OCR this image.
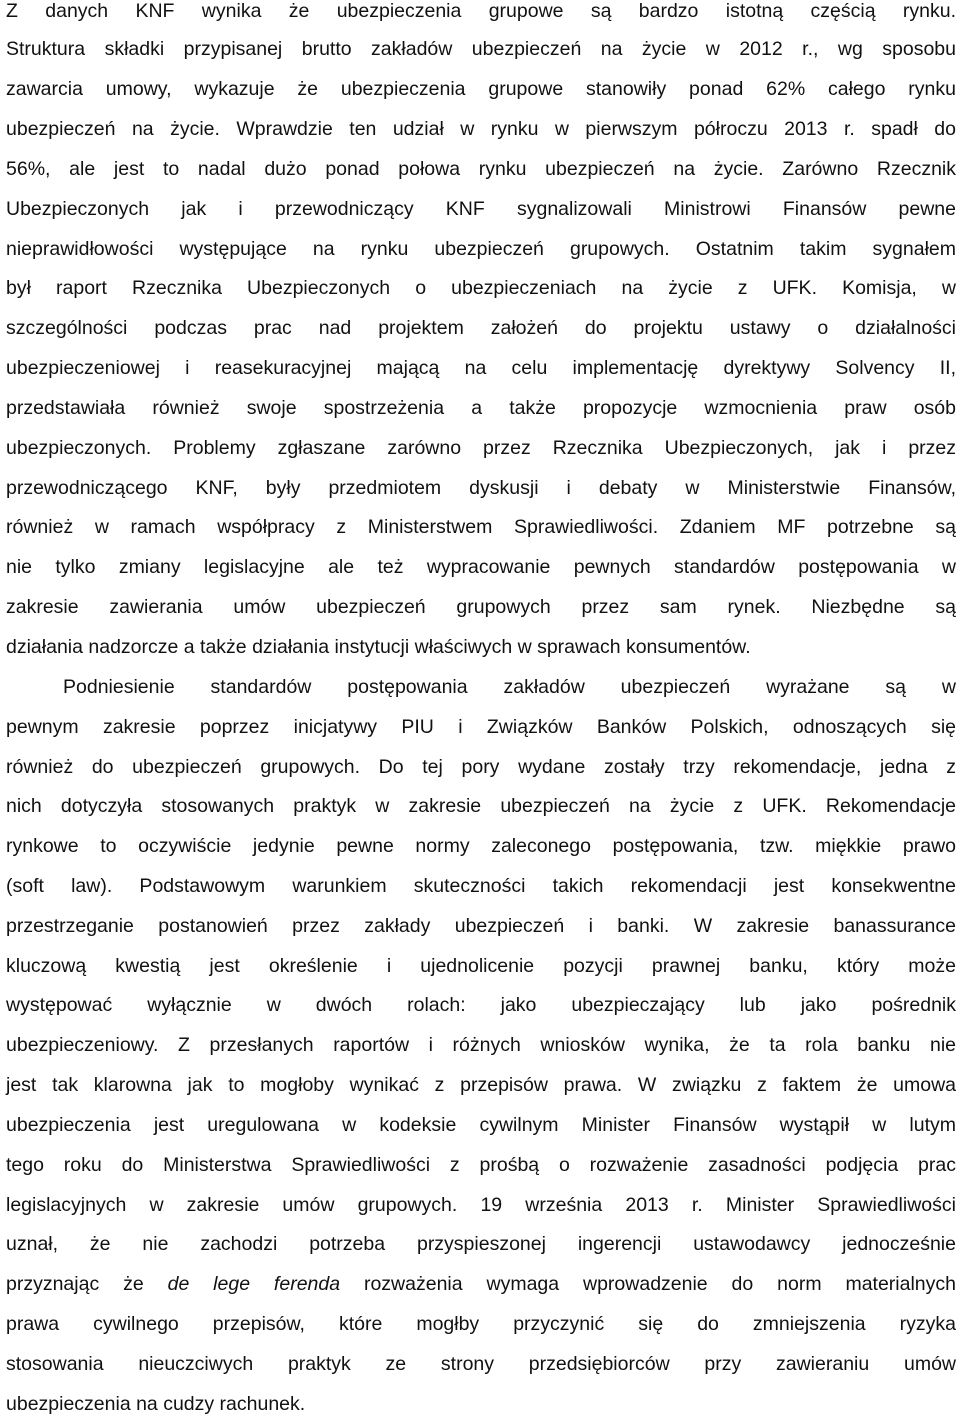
Z danych KNF wynika że ubezpieczenia grupowe są bardzo istotną częścią rynku.
Struktura składki przypisanej brutto zakładów ubezpieczeń na życie w 2012 r., wg sposobu
zawarcia umowy, wykazuje że ubezpieczenia grupowe stanowiły ponad 62% całego rynku
ubezpieczeń na życie. Wprawdzie ten udział w rynku w pierwszym półroczu 2013 r. spadł do
56%, ale jest to nadal dużo ponad połowa rynku ubezpieczeń na życie. Zarówno Rzecznik
Ubezpieczonych jak i przewodniczący KNF sygnalizowali Ministrowi Finansów pewne
nieprawidłowości występujące na rynku ubezpieczeń grupowych. Ostatnim takim sygnałem
był raport Rzecznika Ubezpieczonych o ubezpieczeniach na życie z UFK. Komisja, w
szczególności podczas prac nad projektem założeń do projektu ustawy o działalności
ubezpieczeniowej i reasekuracyjnej mającą na celu implementację dyrektywy Solvency II,
przedstawiała również swoje spostrzeżenia a także propozycje wzmocnienia praw osób
ubezpieczonych. Problemy zgłaszane zarówno przez Rzecznika Ubezpieczonych, jak i przez
przewodniczącego KNF, były przedmiotem dyskusji i debaty w Ministerstwie Finansów,
również w ramach współpracy z Ministerstwem Sprawiedliwości. Zdaniem MF potrzebne są
nie tylko zmiany legislacyjne ale też wypracowanie pewnych standardów postępowania w
zakresie zawierania umów ubezpieczeń grupowych przez sam rynek. Niezbędne są
działania nadzorcze a także działania instytucji właściwych w sprawach konsumentów.
Podniesienie standardów postępowania zakładów ubezpieczeń wyrażane są w
pewnym zakresie poprzez inicjatywy PIU i Związków Banków Polskich, odnoszących się
również do ubezpieczeń grupowych. Do tej pory wydane zostały trzy rekomendacje, jedna z
nich dotyczyła stosowanych praktyk w zakresie ubezpieczeń na życie z UFK. Rekomendacje
rynkowe to oczywiście jedynie pewne normy zaleconego postępowania, tzw. miękkie prawo
(soft law). Podstawowym warunkiem skuteczności takich rekomendacji jest konsekwentne
przestrzeganie postanowień przez zakłady ubezpieczeń i banki. W zakresie banassurance
kluczową kwestią jest określenie i ujednolicenie pozycji prawnej banku, który może
występować wyłącznie w dwóch rolach: jako ubezpieczający lub jako pośrednik
ubezpieczeniowy. Z przesłanych raportów i różnych wniosków wynika, że ta rola banku nie
jest tak klarowna jak to mogłoby wynikać z przepisów prawa. W związku z faktem że umowa
ubezpieczenia jest uregulowana w kodeksie cywilnym Minister Finansów wystąpił w lutym
tego roku do Ministerstwa Sprawiedliwości z prośbą o rozważenie zasadności podjęcia prac
legislacyjnych w zakresie umów grupowych. 19 września 2013 r. Minister Sprawiedliwości
uznał, że nie zachodzi potrzeba przyspieszonej ingerencji ustawodawcy jednocześnie
przyznając że de lege ferenda rozważenia wymaga wprowadzenie do norm materialnych
prawa cywilnego przepisów, które mogłby przyczynić się do zmniejszenia ryzyka
stosowania nieuczciwych praktyk ze strony przedsiębiorców przy zawieraniu umów
ubezpieczenia na cudzy rachunek.
